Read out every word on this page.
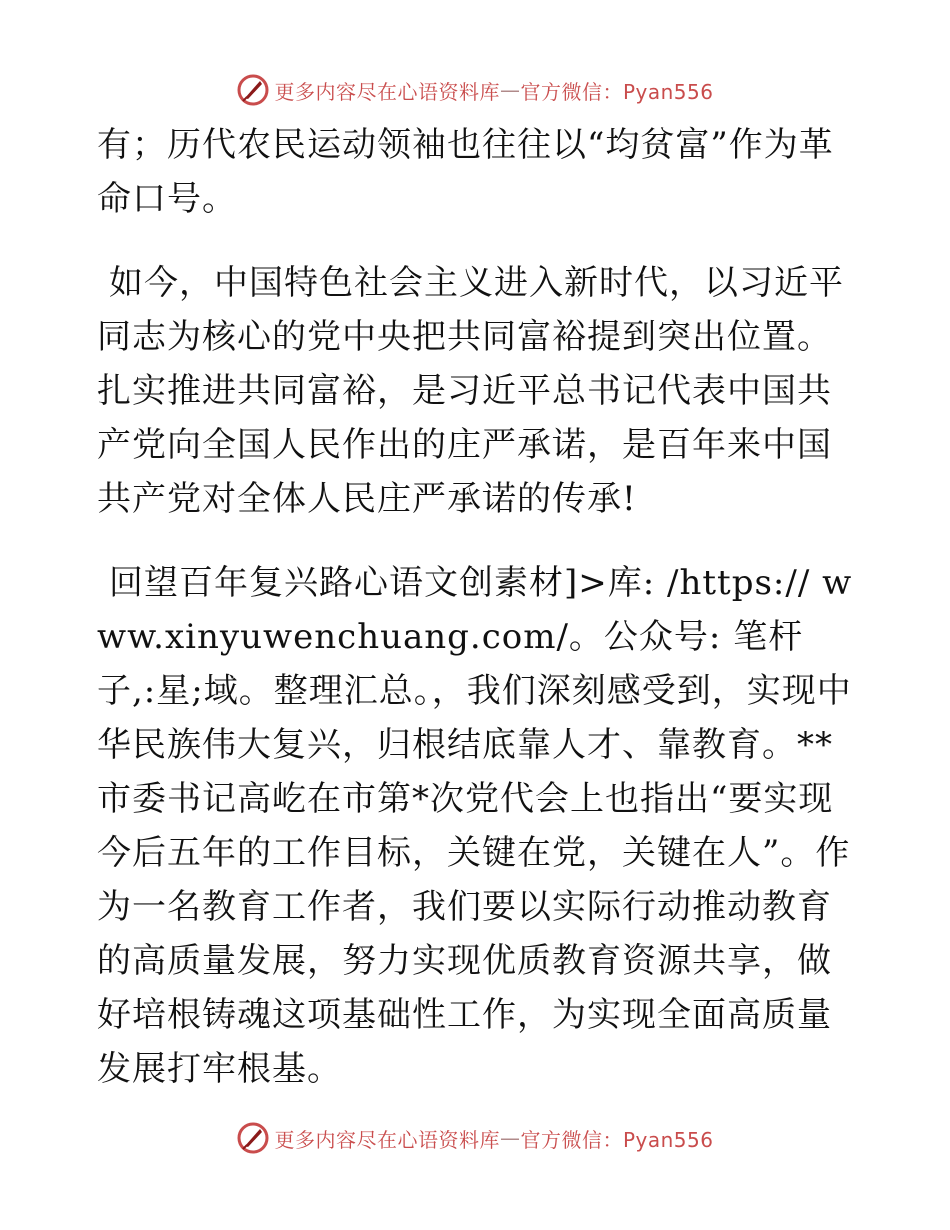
更多内容尽在心语资料库 — 官方微信：Pyan556

有；历代农民运动领袖也往往以“均贫富”作为革命口号。

如今，中国特色社会主义进入新时代，以习近平同志为核心的党中央把共同富裕提到突出位置。扎实推进共同富裕，是习近平总书记代表中国共产党向全国人民作出的庄严承诺，是百年来中国共产党对全体人民庄严承诺的传承!

回望百年复兴路心语文创素材]>库: /https:// www.xinyuwenchuang.com/。公众号: 笔杆子,:星;域。整理汇总。，我们深刻感受到，实现中华民族伟大复兴，归根结底靠人才、靠教育。**市委书记高屹在市第*次党代会上也指出“要实现今后五年的工作目标，关键在党，关键在人”。作为一名教育工作者，我们要以实际行动推动教育的高质量发展，努力实现优质教育资源共享，做好培根铸魂这项基础性工作，为实现全面高质量发展打牢根基。

更多内容尽在心语资料库 — 官方微信：Pyan556
